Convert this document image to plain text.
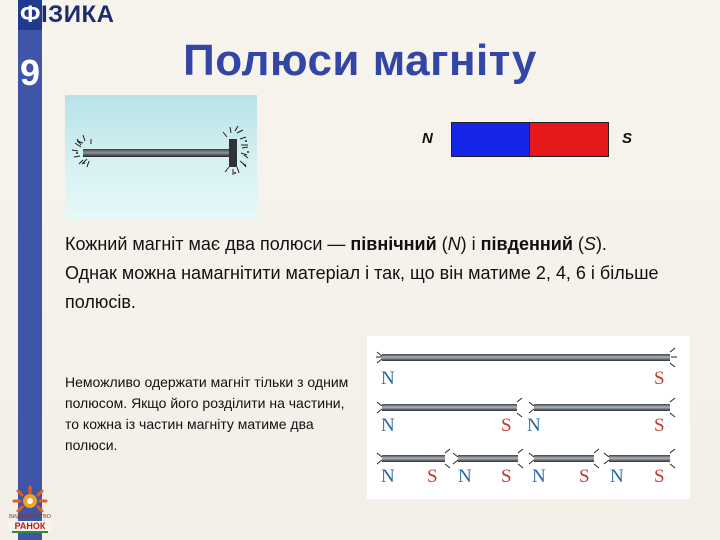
ФІЗИКА
9	Полюси магніту
N	S

Кожний магніт має два полюси — північний (N) і південний (S).

Однак можна намагнітити матеріал і так, що він матиме 2, 4, 6 і більше полюсів.

Неможливо одержати магніт тільки з одним полюсом. Якщо його розділити на частини, то кожна із частин магніту матиме два полюси.
N	S
N	S N	S
N S N S N S N S
ВИДАВНИЦТВО
РАНОК
